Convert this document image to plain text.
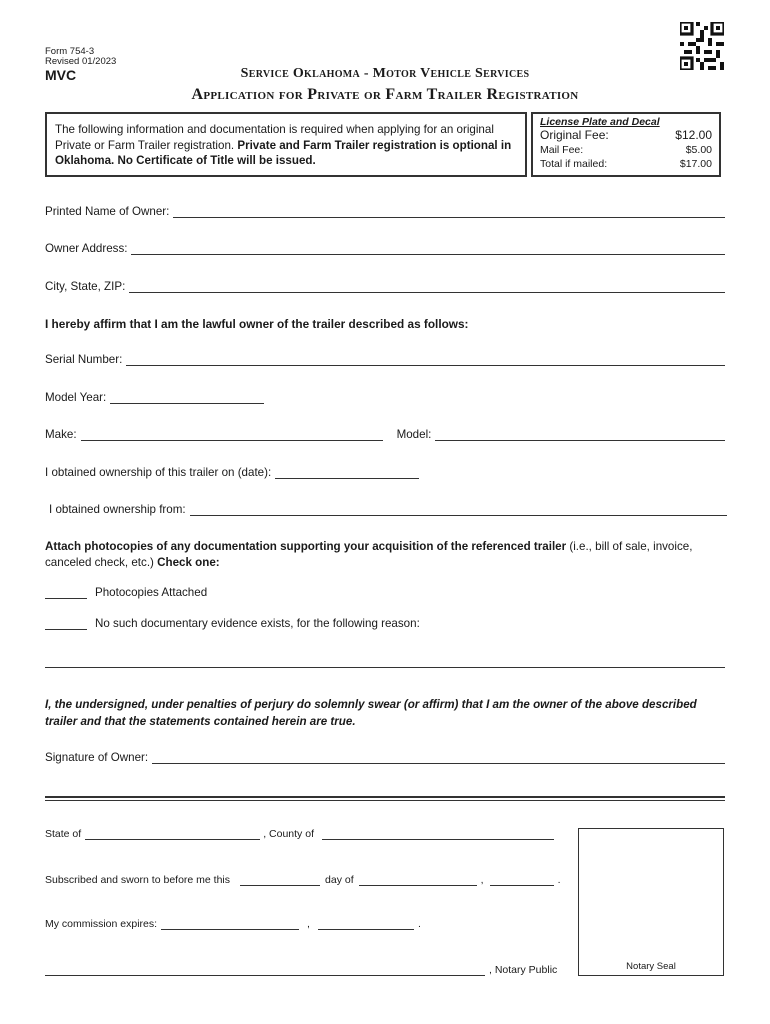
Form 754-3
Revised 01/2023
MVC	Service Oklahoma - Motor Vehicle Services
Application for Private or Farm Trailer Registration
The following information and documentation is required when applying for an original Private or Farm Trailer registration. Private and Farm Trailer registration is optional in Oklahoma. No Certificate of Title will be issued.
License Plate and Decal
Original Fee:	$12.00
Mail Fee:	$5.00
Total if mailed:	$17.00
Printed Name of Owner:
Owner Address:
City, State, ZIP:
I hereby affirm that I am the lawful owner of the trailer described as follows:
Serial Number:
Model Year:
Make:	Model:
I obtained ownership of this trailer on (date):
I obtained ownership from:
Attach photocopies of any documentation supporting your acquisition of the referenced trailer (i.e., bill of sale, invoice, canceled check, etc.) Check one:
Photocopies Attached
No such documentary evidence exists, for the following reason:
I, the undersigned, under penalties of perjury do solemnly swear (or affirm) that I am the owner of the above described trailer and that the statements contained herein are true.
Signature of Owner:
State of	, County of
Subscribed and sworn to before me this	day of	,	.
My commission expires:	,	.
, Notary Public	Notary Seal
